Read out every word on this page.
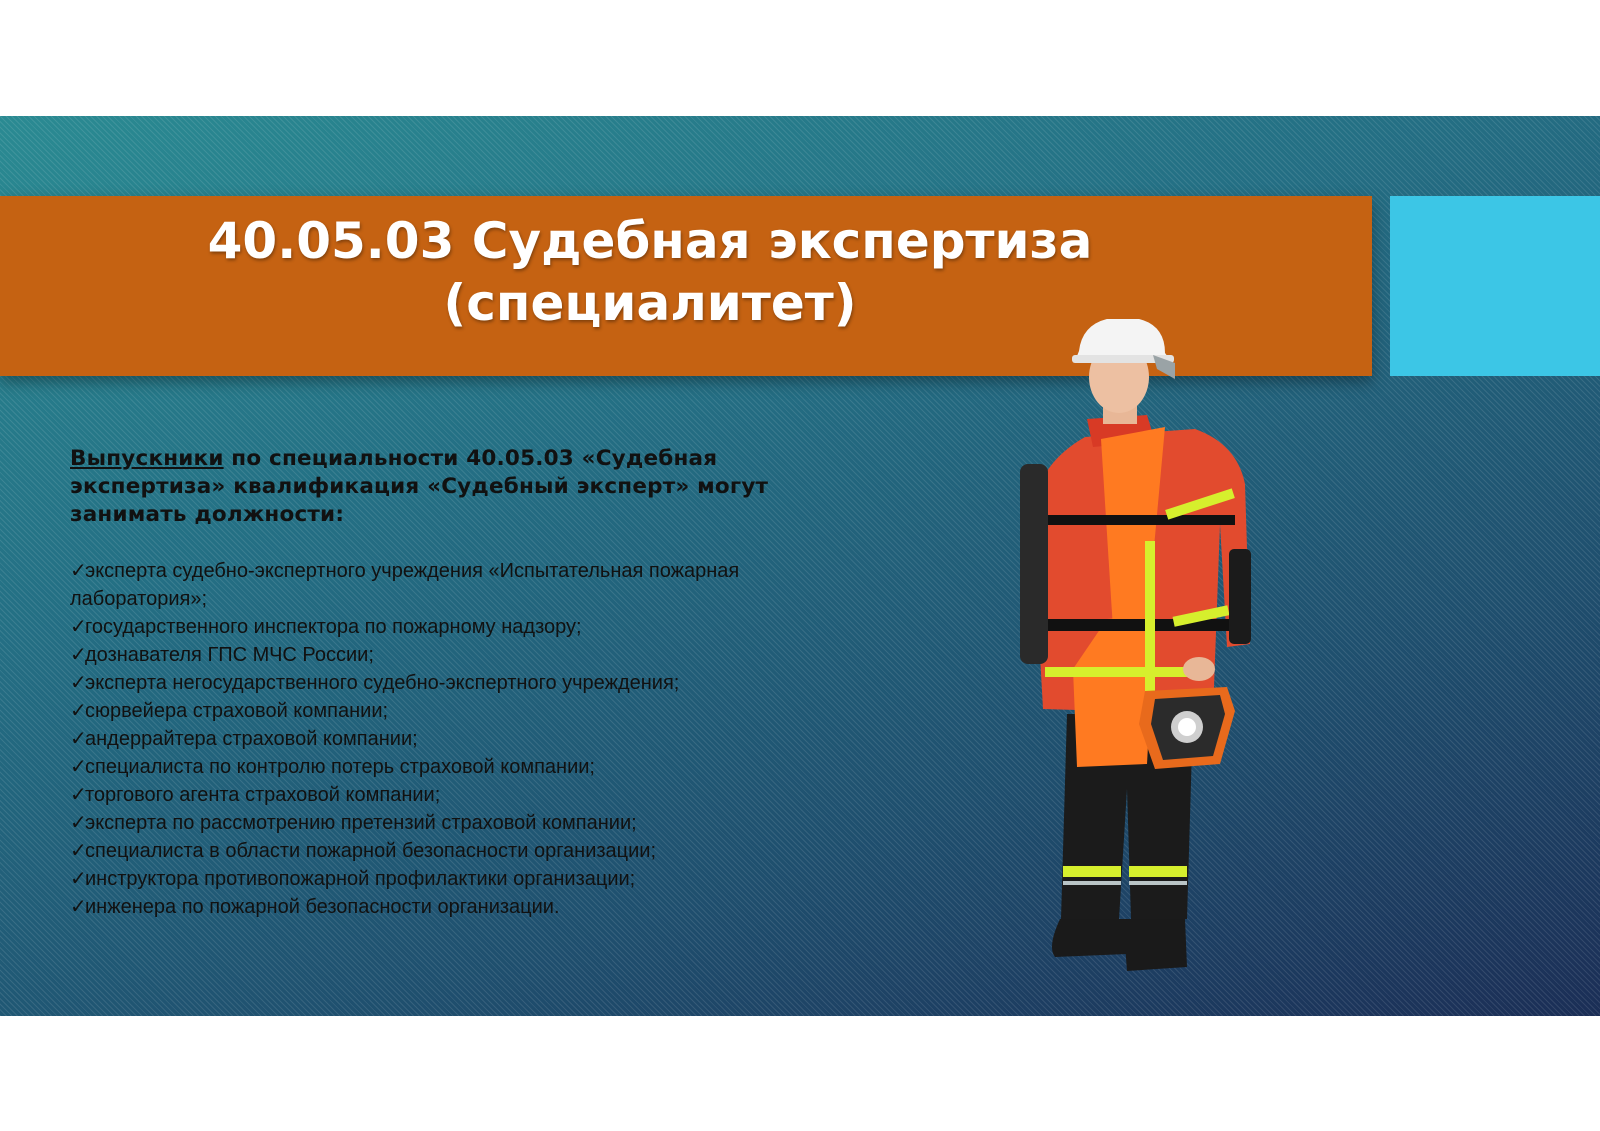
40.05.03 Судебная экспертиза
(специалитет)

Выпускники по специальности 40.05.03 «Судебная
экспертиза» квалификация «Судебный эксперт» могут
занимать должности:

✓эксперта судебно-экспертного учреждения «Испытательная пожарная лаборатория»;
✓государственного инспектора по пожарному надзору;
✓дознавателя ГПС МЧС России;
✓эксперта негосударственного судебно-экспертного учреждения;
✓сюрвейера страховой компании;
✓андеррайтера страховой компании;
✓специалиста по контролю потерь страховой компании;
✓торгового агента страховой компании;
✓эксперта по рассмотрению претензий страховой компании;
✓специалиста в области пожарной безопасности организации;
✓инструктора противопожарной профилактики организации;
✓инженера по пожарной безопасности организации.
